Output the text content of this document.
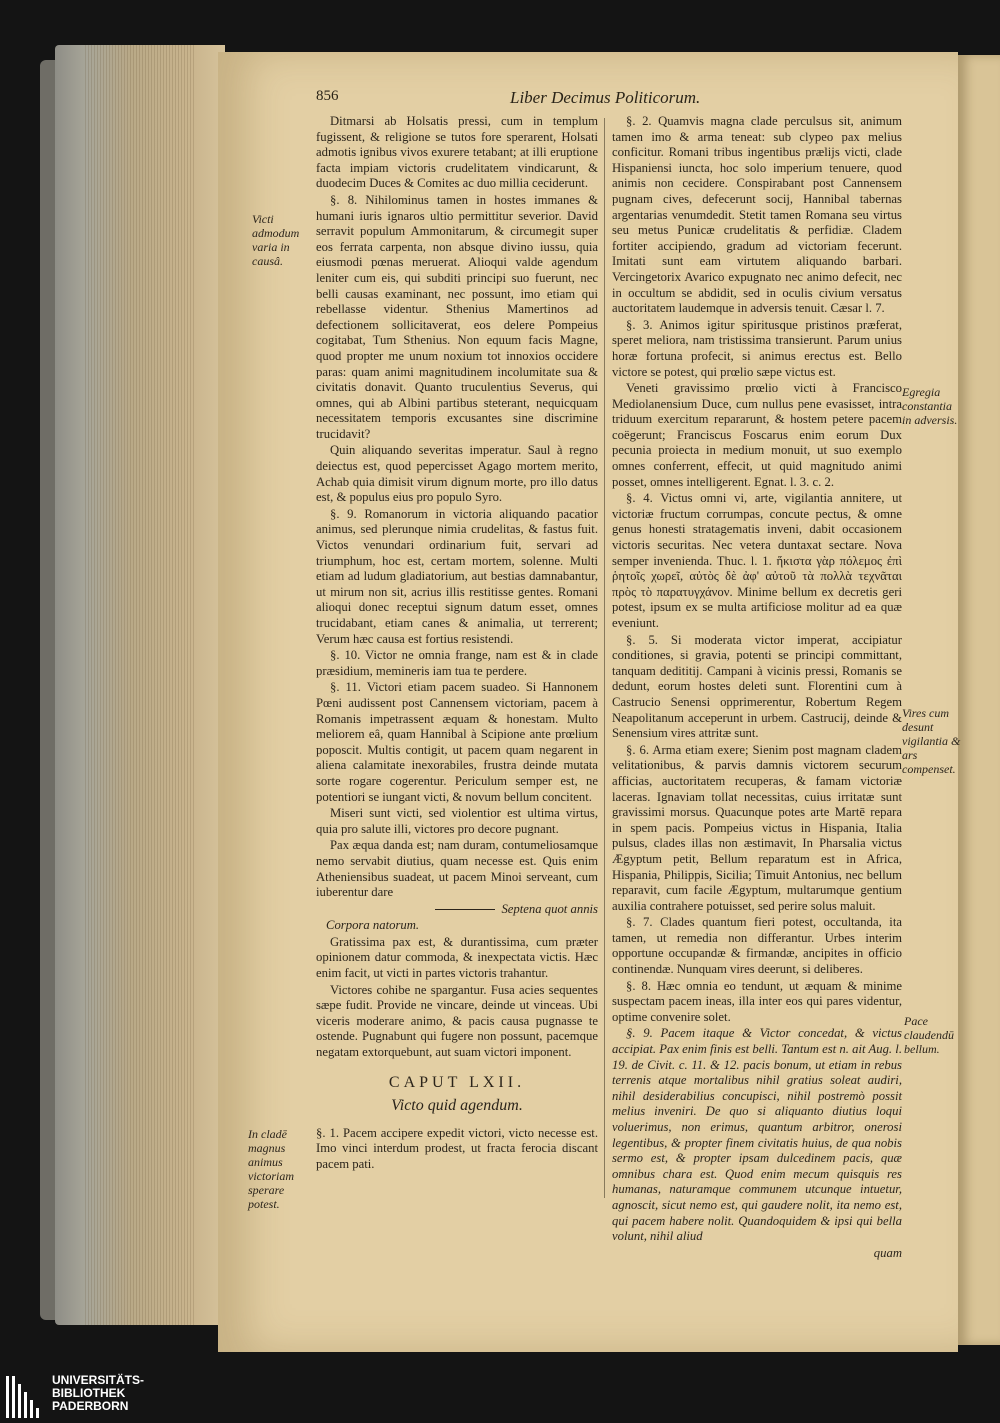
856	Liber Decimus Politicorum.
Victi admodum varia in causâ.
Egregia constantia in adversis.
Vires cum desunt vigilantia & ars compenset.
Pace claudendū bellum.
In cladē magnus animus victoriam sperare potest.

Ditmarsi ab Holsatis pressi, cum in templum fugissent, & religione se tutos fore sperarent, Holsati admotis ignibus vivos exurere tetabant; at illi eruptione facta impiam victoris crudelitatem vindicarunt, & duodecim Duces & Comites ac duo millia ceciderunt.

§. 8. Nihilominus tamen in hostes immanes & humani iuris ignaros ultio permittitur severior. David serravit populum Ammonitarum, & circumegit super eos ferrata carpenta, non absque divino iussu, quia eiusmodi pœnas meruerat. Alioqui valde agendum leniter cum eis, qui subditi principi suo fuerunt, nec belli causas examinant, nec possunt, imo etiam qui rebellasse videntur. Sthenius Mamertinos ad defectionem sollicitaverat, eos delere Pompeius cogitabat, Tum Sthenius. Non equum facis Magne, quod propter me unum noxium tot innoxios occidere paras: quam animi magnitudinem incolumitate sua & civitatis donavit. Quanto truculentius Severus, qui omnes, qui ab Albini partibus steterant, nequicquam necessitatem temporis excusantes sine discrimine trucidavit?

Quin aliquando severitas imperatur. Saul à regno deiectus est, quod pepercisset Agago mortem merito, Achab quia dimisit virum dignum morte, pro illo datus est, & populus eius pro populo Syro.

§. 9. Romanorum in victoria aliquando pacatior animus, sed plerunque nimia crudelitas, & fastus fuit. Victos venundari ordinarium fuit, servari ad triumphum, hoc est, certam mortem, solenne. Multi etiam ad ludum gladiatorium, aut bestias damnabantur, ut mirum non sit, acrius illis restitisse gentes. Romani alioqui donec receptui signum datum esset, omnes trucidabant, etiam canes & animalia, ut terrerent; Verum hæc causa est fortius resistendi.

§. 10. Victor ne omnia frange, nam est & in clade præsidium, memineris iam tua te perdere.

§. 11. Victori etiam pacem suadeo. Si Hannonem Pœni audissent post Cannensem victoriam, pacem à Romanis impetrassent æquam & honestam. Multo meliorem eâ, quam Hannibal à Scipione ante prœlium poposcit. Multis contigit, ut pacem quam negarent in aliena calamitate inexorabiles, frustra deinde mutata sorte rogare cogerentur. Periculum semper est, ne potentiori se iungant victi, & novum bellum concitent.

Miseri sunt victi, sed violentior est ultima virtus, quia pro salute illi, victores pro decore pugnant.

Pax æqua danda est; nam duram, contumeliosamque nemo servabit diutius, quam necesse est. Quis enim Atheniensibus suadeat, ut pacem Minoi serveant, cum iuberentur dare

Septena quot annis

Corpora natorum.

Gratissima pax est, & durantissima, cum præter opinionem datur commoda, & inexpectata victis. Hæc enim facit, ut victi in partes victoris trahantur.

Victores cohibe ne spargantur. Fusa acies sequentes sæpe fudit. Provide ne vincare, deinde ut vinceas. Ubi viceris moderare animo, & pacis causa pugnasse te ostende. Pugnabunt qui fugere non possunt, pacemque negatam extorquebunt, aut suam victori imponent.

CAPUT LXII.
Victo quid agendum.

§. 1. Pacem accipere expedit victori, victo necesse est. Imo vinci interdum prodest, ut fracta ferocia discant pacem pati.

§. 2. Quamvis magna clade perculsus sit, animum tamen imo & arma teneat: sub clypeo pax melius conficitur. Romani tribus ingentibus prælijs victi, clade Hispaniensi iuncta, hoc solo imperium tenuere, quod animis non cecidere. Conspirabant post Cannensem pugnam cives, defecerunt socij, Hannibal tabernas argentarias venumdedit. Stetit tamen Romana seu virtus seu metus Punicæ crudelitatis & perfidiæ. Cladem fortiter accipiendo, gradum ad victoriam fecerunt. Imitati sunt eam virtutem aliquando barbari. Vercingetorix Avarico expugnato nec animo defecit, nec in occultum se abdidit, sed in oculis civium versatus auctoritatem laudemque in adversis tenuit. Cæsar l. 7.

§. 3. Animos igitur spiritusque pristinos præferat, speret meliora, nam tristissima transierunt. Parum unius horæ fortuna profecit, si animus erectus est. Bello victore se potest, qui prœlio sæpe victus est.

Veneti gravissimo prœlio victi à Francisco Mediolanensium Duce, cum nullus pene evasisset, intra triduum exercitum repararunt, & hostem petere pacem coëgerunt; Franciscus Foscarus enim eorum Dux pecunia proiecta in medium monuit, ut suo exemplo omnes conferrent, effecit, ut quid magnitudo animi posset, omnes intelligerent. Egnat. l. 3. c. 2.

§. 4. Victus omni vi, arte, vigilantia annitere, ut victoriæ fructum corrumpas, concute pectus, & omne genus honesti stratagematis inveni, dabit occasionem victoris securitas. Nec vetera duntaxat sectare. Nova semper invenienda. Thuc. l. 1. ἥκιστα γὰρ πόλεμος ἐπὶ ῥητοῖς χωρεῖ, αὐτὸς δὲ ἀφ' αὐτοῦ τὰ πολλὰ τεχνᾶται πρὸς τὸ παρατυγχάνον. Minime bellum ex decretis geri potest, ipsum ex se multa artificiose molitur ad ea quæ eveniunt.

§. 5. Si moderata victor imperat, accipiatur conditiones, si gravia, potenti se principi committant, tanquam dedititij. Campani à vicinis pressi, Romanis se dedunt, eorum hostes deleti sunt. Florentini cum à Castrucio Senensi opprimerentur, Robertum Regem Neapolitanum acceperunt in urbem. Castrucij, deinde & Senensium vires attritæ sunt.

§. 6. Arma etiam exere; Sienim post magnam cladem velitationibus, & parvis damnis victorem securum afficias, auctoritatem recuperas, & famam victoriæ laceras. Ignaviam tollat necessitas, cuius irritatæ sunt gravissimi morsus. Quacunque potes arte Martē repara in spem pacis. Pompeius victus in Hispania, Italia pulsus, clades illas non æstimavit, In Pharsalia victus Ægyptum petit, Bellum reparatum est in Africa, Hispania, Philippis, Sicilia; Timuit Antonius, nec bellum reparavit, cum facile Ægyptum, multarumque gentium auxilia contrahere potuisset, sed perire solus maluit.

§. 7. Clades quantum fieri potest, occultanda, ita tamen, ut remedia non differantur. Urbes interim opportune occupandæ & firmandæ, ancipites in officio continendæ. Nunquam vires deerunt, si deliberes.

§. 8. Hæc omnia eo tendunt, ut æquam & minime suspectam pacem ineas, illa inter eos qui pares videntur, optime convenire solet.

§. 9. Pacem itaque & Victor concedat, & victus accipiat. Pax enim finis est belli. Tantum est n. ait Aug. l. 19. de Civit. c. 11. & 12. pacis bonum, ut etiam in rebus terrenis atque mortalibus nihil gratius soleat audiri, nihil desiderabilius concupisci, nihil postremò possit melius inveniri. De quo si aliquanto diutius loqui voluerimus, non erimus, quantum arbitror, onerosi legentibus, & propter finem civitatis huius, de qua nobis sermo est, & propter ipsam dulcedinem pacis, quæ omnibus chara est. Quod enim mecum quisquis res humanas, naturamque communem utcunque intuetur, agnoscit, sicut nemo est, qui gaudere nolit, ita nemo est, qui pacem habere nolit. Quandoquidem & ipsi qui bella volunt, nihil aliud

quam

UNIVERSITÄTS-
BIBLIOTHEK
PADERBORN
